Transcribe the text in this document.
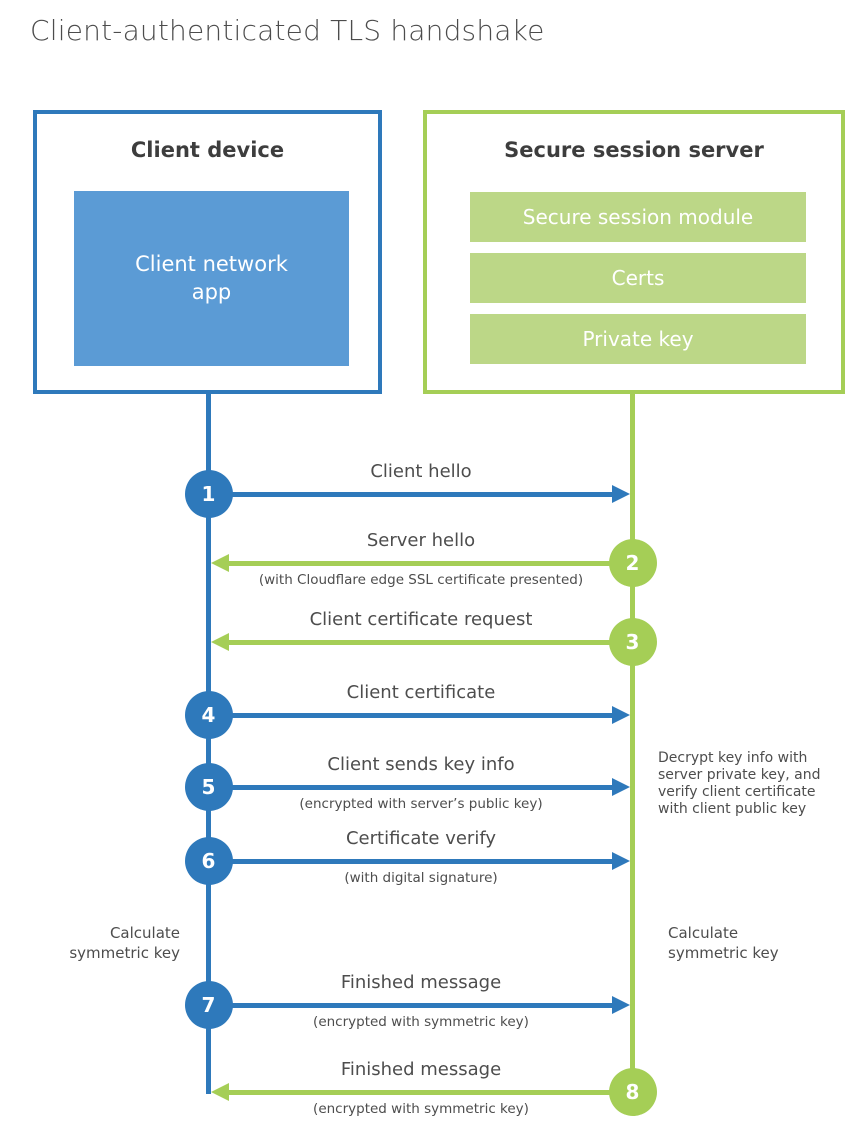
Client-authenticated TLS handshake
Client device
Client network app
Secure session server
Secure session module
Certs
Private key
1
Client hello
2
Server hello
(with Cloudflare edge SSL certificate presented)
3
Client certificate request
4
Client certificate
5
Client sends key info
(encrypted with server’s public key)
6
Certificate verify
(with digital signature)
7
Finished message
(encrypted with symmetric key)
8
Finished message
(encrypted with symmetric key)
Decrypt key info with server private key, and verify client certificate with client public key
Calculate symmetric key
Calculate symmetric key
